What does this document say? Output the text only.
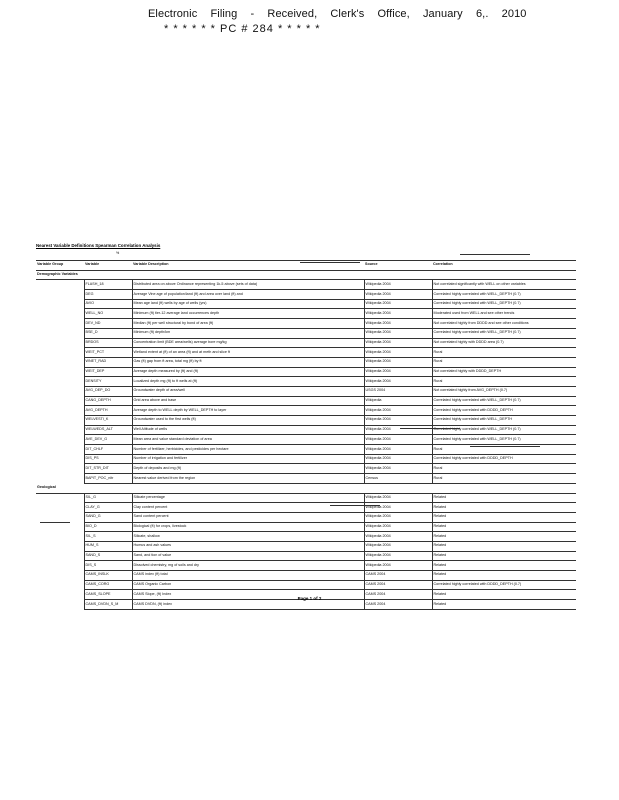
Electronic Filing - Received, Clerk's Office, January 6,. 2010
* * * * * * PC # 284 * * * * *
Nearest Variable Definitions Spearman Correlation Analysis
%
Variable Group	Variable	Variable Description	Source	Correlation
Demographic Variables				
	FLASH_18	Distributed area on above Ordinance representing 1k-5 above (sets of data)	Wikipedia 2004	Not correlated significantly with WELL on other variables
	DEG	Average Vine age of population/land (ft) and area over land (ft) and	Wikipedia 2004	Correlated highly correlated with WELL_DEPTH (0.7)
	AVIO	Mean age land (ft) wells by age of wells (yrs)	Wikipedia 2004	Correlated highly correlated with WELL_DEPTH (0.7)
	WELL_NO	Minimum (ft) tier-12 average land occurrences depth	Wikipedia 2004	Moderated used from WELL and see other trends
	DEV_ND	Median (ft) per well structural by bond of area (ft)	Wikipedia 2004	Not correlated highly from DDDD and see other conditions
	BSE_D	Minimum (ft) depth/km	Wikipedia 2004	Correlated highly correlated with WELL_DEPTH (0.7)
	BRDOS	Concentration limit (BDE area/wells) average bore mg/kg	Wikipedia 2004	Not correlated highly with DDDD area (0.7)
	WEIT_PCT	Wetland extent at (ft) of an area (ft) and at meth and slice ft	Wikipedia 2004	Rural
	WNET_RAD	Gas (ft) gap from ft area, total mg (ft) by ft	Wikipedia 2004	Rural
	WEIT_DEP	Average depth measured by (ft) and (ft)	Wikipedia 2004	Not correlated highly with DDDD_DEPTH
	DENSITY	Localized depth mg (ft) to ft wells at (ft)	Wikipedia 2004	Rural
	AVG_DEP_DO	Groundwater depth of area/well	USGS 2004	Not correlated highly from AVG_DEPTH (0.7)
	CANG_DEPTH	Grid area above and base	Wikipedia	Correlated highly correlated with WELL_DEPTH (0.7)
	AVG_DEPTH	Average depth to WELL depth by WELL_DEPTH to layer	Wikipedia 2004	Correlated highly correlated with DDDD_DEPTH
	WELVESTI_K	Groundwater used to the first wells (ft)	Wikipedia 2004	Correlated highly correlated with WELL_DEPTH
	WELWEDS_ALT	Well Altitude of wells	Wikipedia 2004	Correlated highly correlated with WELL_DEPTH (0.7)
	AVE_DEV_G	Mean area and value standard deviation of area	Wikipedia 2004	Correlated highly correlated with WELL_DEPTH (0.7)
	DIT_CHLF	Number of fertilizer, herbicides, and pesticides per hectare	Wikipedia 2004	Rural
	DIS_PS	Number of irrigation and fertilizer	Wikipedia 2004	Correlated highly correlated with DDDD_DEPTH
	DIT_STR_DIT	Depth of deposits and mg (ft)	Wikipedia 2004	Rural
	BAPIT_POC_nitr	Nearest value derived from the region	Census	Rural
Geological				
	SIL_G	Silicate percentage	Wikipedia 2004	Related
	CLAY_G	Clay content percent	Wikipedia 2004	Related
	SAND_G	Sand content percent	Wikipedia 2004	Related
	BIO_D	Biological (ft) for crops, livestock	Wikipedia 2004	Related
	SIL_S	Silicate, shallow	Wikipedia 2004	Related
	HUM_S	Humus and ash values	Wikipedia 2004	Related
	SAND_S	Sand, and tion of value	Wikipedia 2004	Related
	DIS_S	Dissolved chemistry, mg of soils and dry	Wikipedia 2004	Related
	CAMS_INSLK	CAMS index (ft) total	CAMS 2004	Related
	CAMS_CORG	CAMS Organic Carbon	CAMS 2004	Correlated highly correlated with DDDD_DEPTH (0.7)
	CAMS_SLOPE	CAMS Slope, (ft) Index	CAMS 2004	Related
	CAMS_DVDN_S_M	CAMS DVDN, (ft) index	CAMS 2004	Related
Page 1 of 2
